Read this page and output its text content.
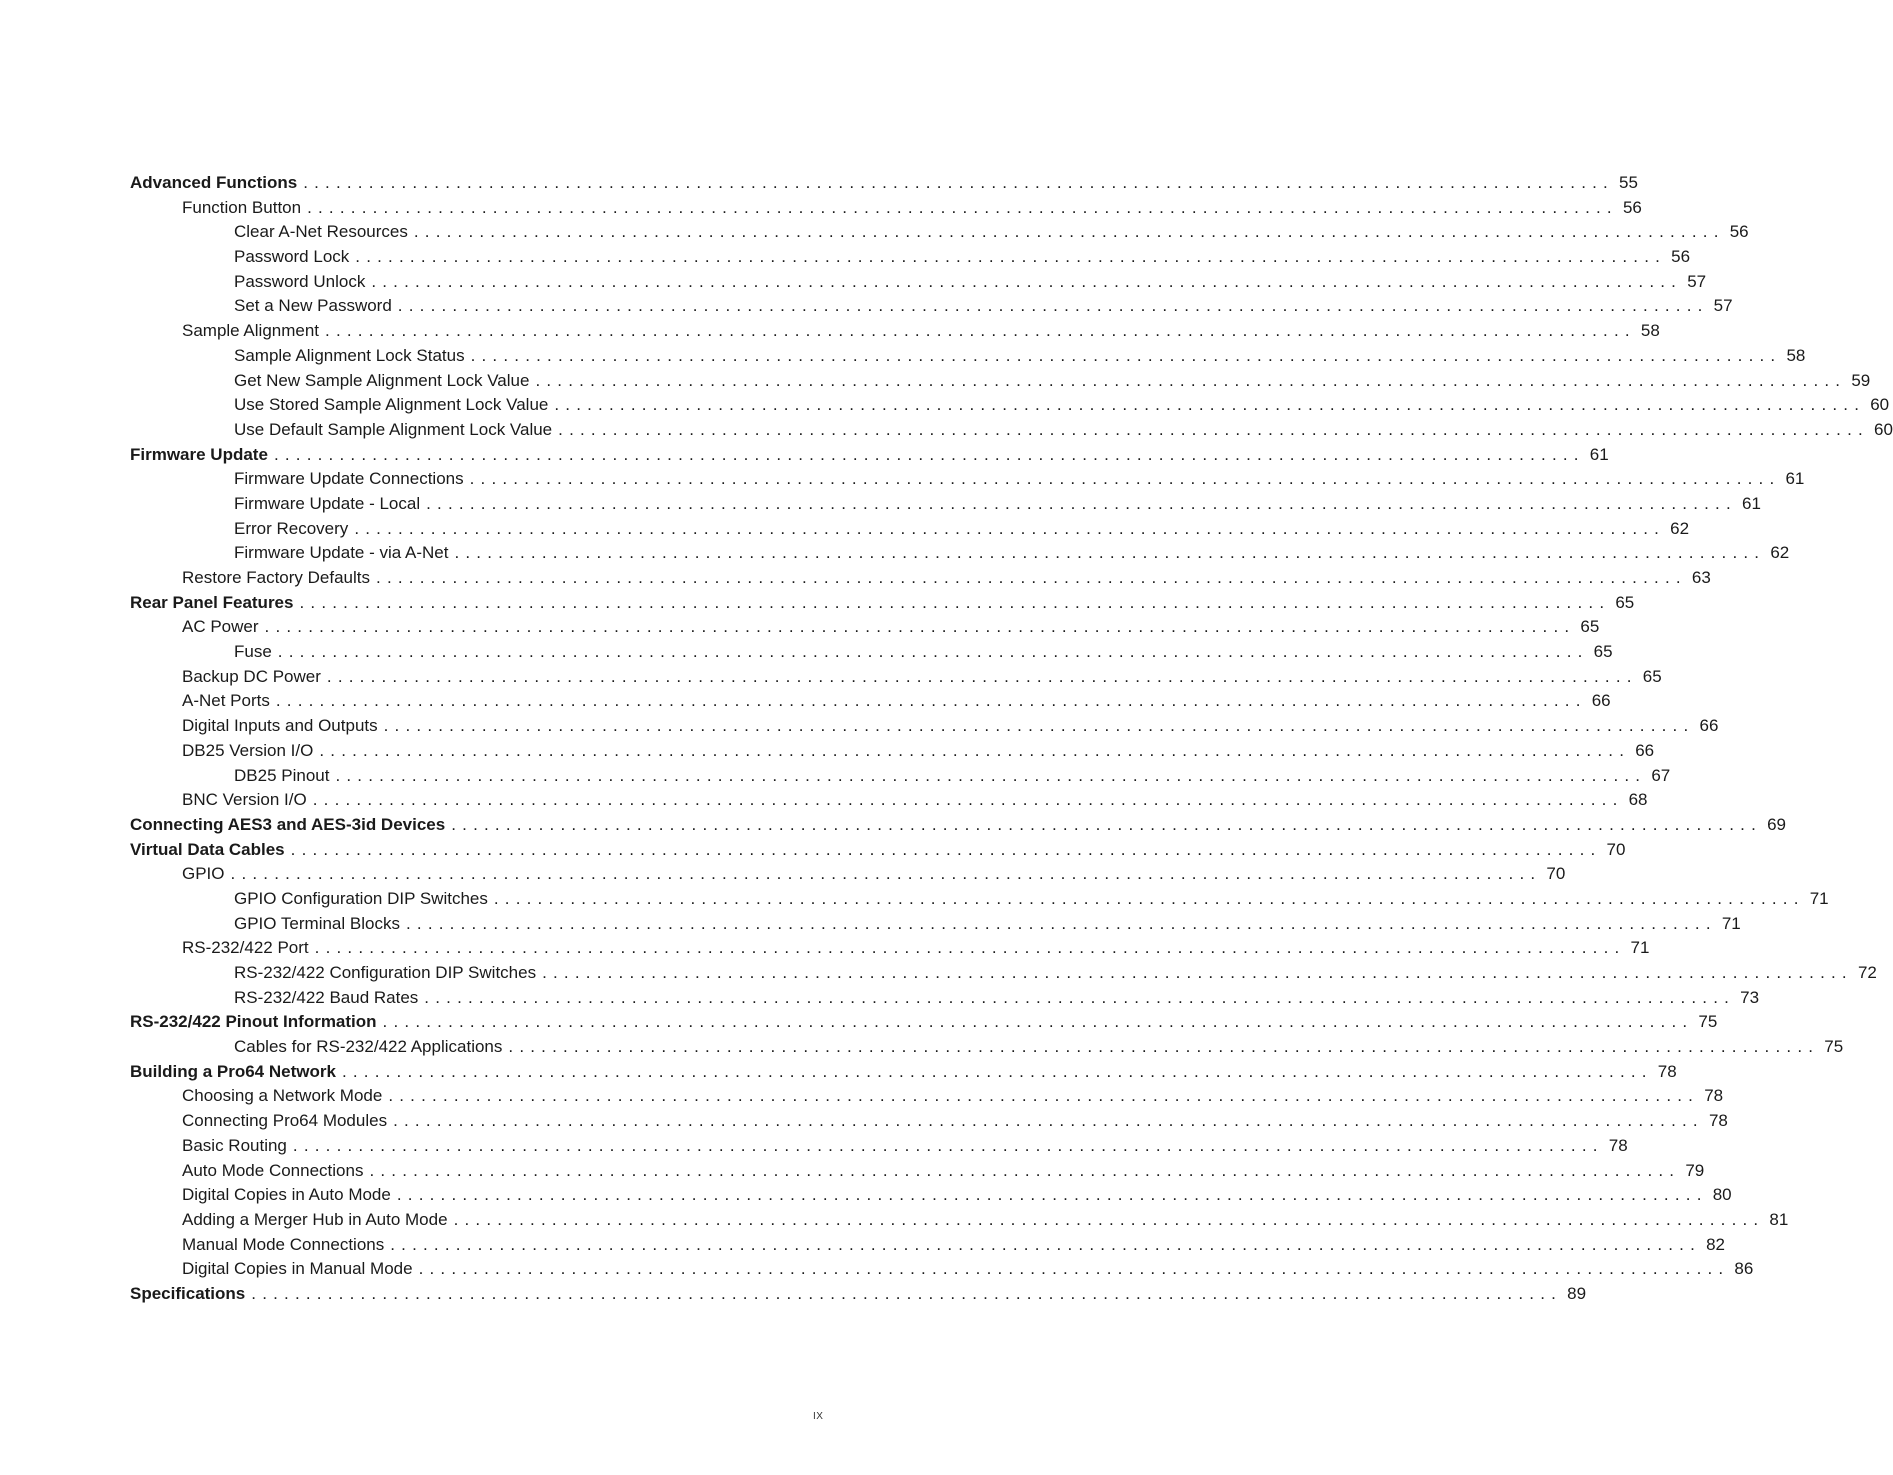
Advanced Functions ........................................................................................................................ 55
Function Button ........................................................................................................................ 56
Clear A-Net Resources ........................................................................................................................ 56
Password Lock ........................................................................................................................ 56
Password Unlock ........................................................................................................................ 57
Set a New Password ........................................................................................................................ 57
Sample Alignment ........................................................................................................................ 58
Sample Alignment Lock Status ........................................................................................................................ 58
Get New Sample Alignment Lock Value ........................................................................................................................ 59
Use Stored Sample Alignment Lock Value ........................................................................................................................ 60
Use Default Sample Alignment Lock Value ........................................................................................................................ 60
Firmware Update ........................................................................................................................ 61
Firmware Update Connections ........................................................................................................................ 61
Firmware Update - Local ........................................................................................................................ 61
Error Recovery ........................................................................................................................ 62
Firmware Update - via A-Net ........................................................................................................................ 62
Restore Factory Defaults ........................................................................................................................ 63
Rear Panel Features ........................................................................................................................ 65
AC Power ........................................................................................................................ 65
Fuse ........................................................................................................................ 65
Backup DC Power ........................................................................................................................ 65
A-Net Ports ........................................................................................................................ 66
Digital Inputs and Outputs ........................................................................................................................ 66
DB25 Version I/O ........................................................................................................................ 66
DB25 Pinout ........................................................................................................................ 67
BNC Version I/O ........................................................................................................................ 68
Connecting AES3 and AES-3id Devices ........................................................................................................................ 69
Virtual Data Cables ........................................................................................................................ 70
GPIO ........................................................................................................................ 70
GPIO Configuration DIP Switches ........................................................................................................................ 71
GPIO Terminal Blocks ........................................................................................................................ 71
RS-232/422 Port ........................................................................................................................ 71
RS-232/422 Configuration DIP Switches ........................................................................................................................ 72
RS-232/422 Baud Rates ........................................................................................................................ 73
RS-232/422 Pinout Information ........................................................................................................................ 75
Cables for RS-232/422 Applications ........................................................................................................................ 75
Building a Pro64 Network ........................................................................................................................ 78
Choosing a Network Mode ........................................................................................................................ 78
Connecting Pro64 Modules ........................................................................................................................ 78
Basic Routing ........................................................................................................................ 78
Auto Mode Connections ........................................................................................................................ 79
Digital Copies in Auto Mode ........................................................................................................................ 80
Adding a Merger Hub in Auto Mode ........................................................................................................................ 81
Manual Mode Connections ........................................................................................................................ 82
Digital Copies in Manual Mode ........................................................................................................................ 86
Specifications ........................................................................................................................ 89
IX
